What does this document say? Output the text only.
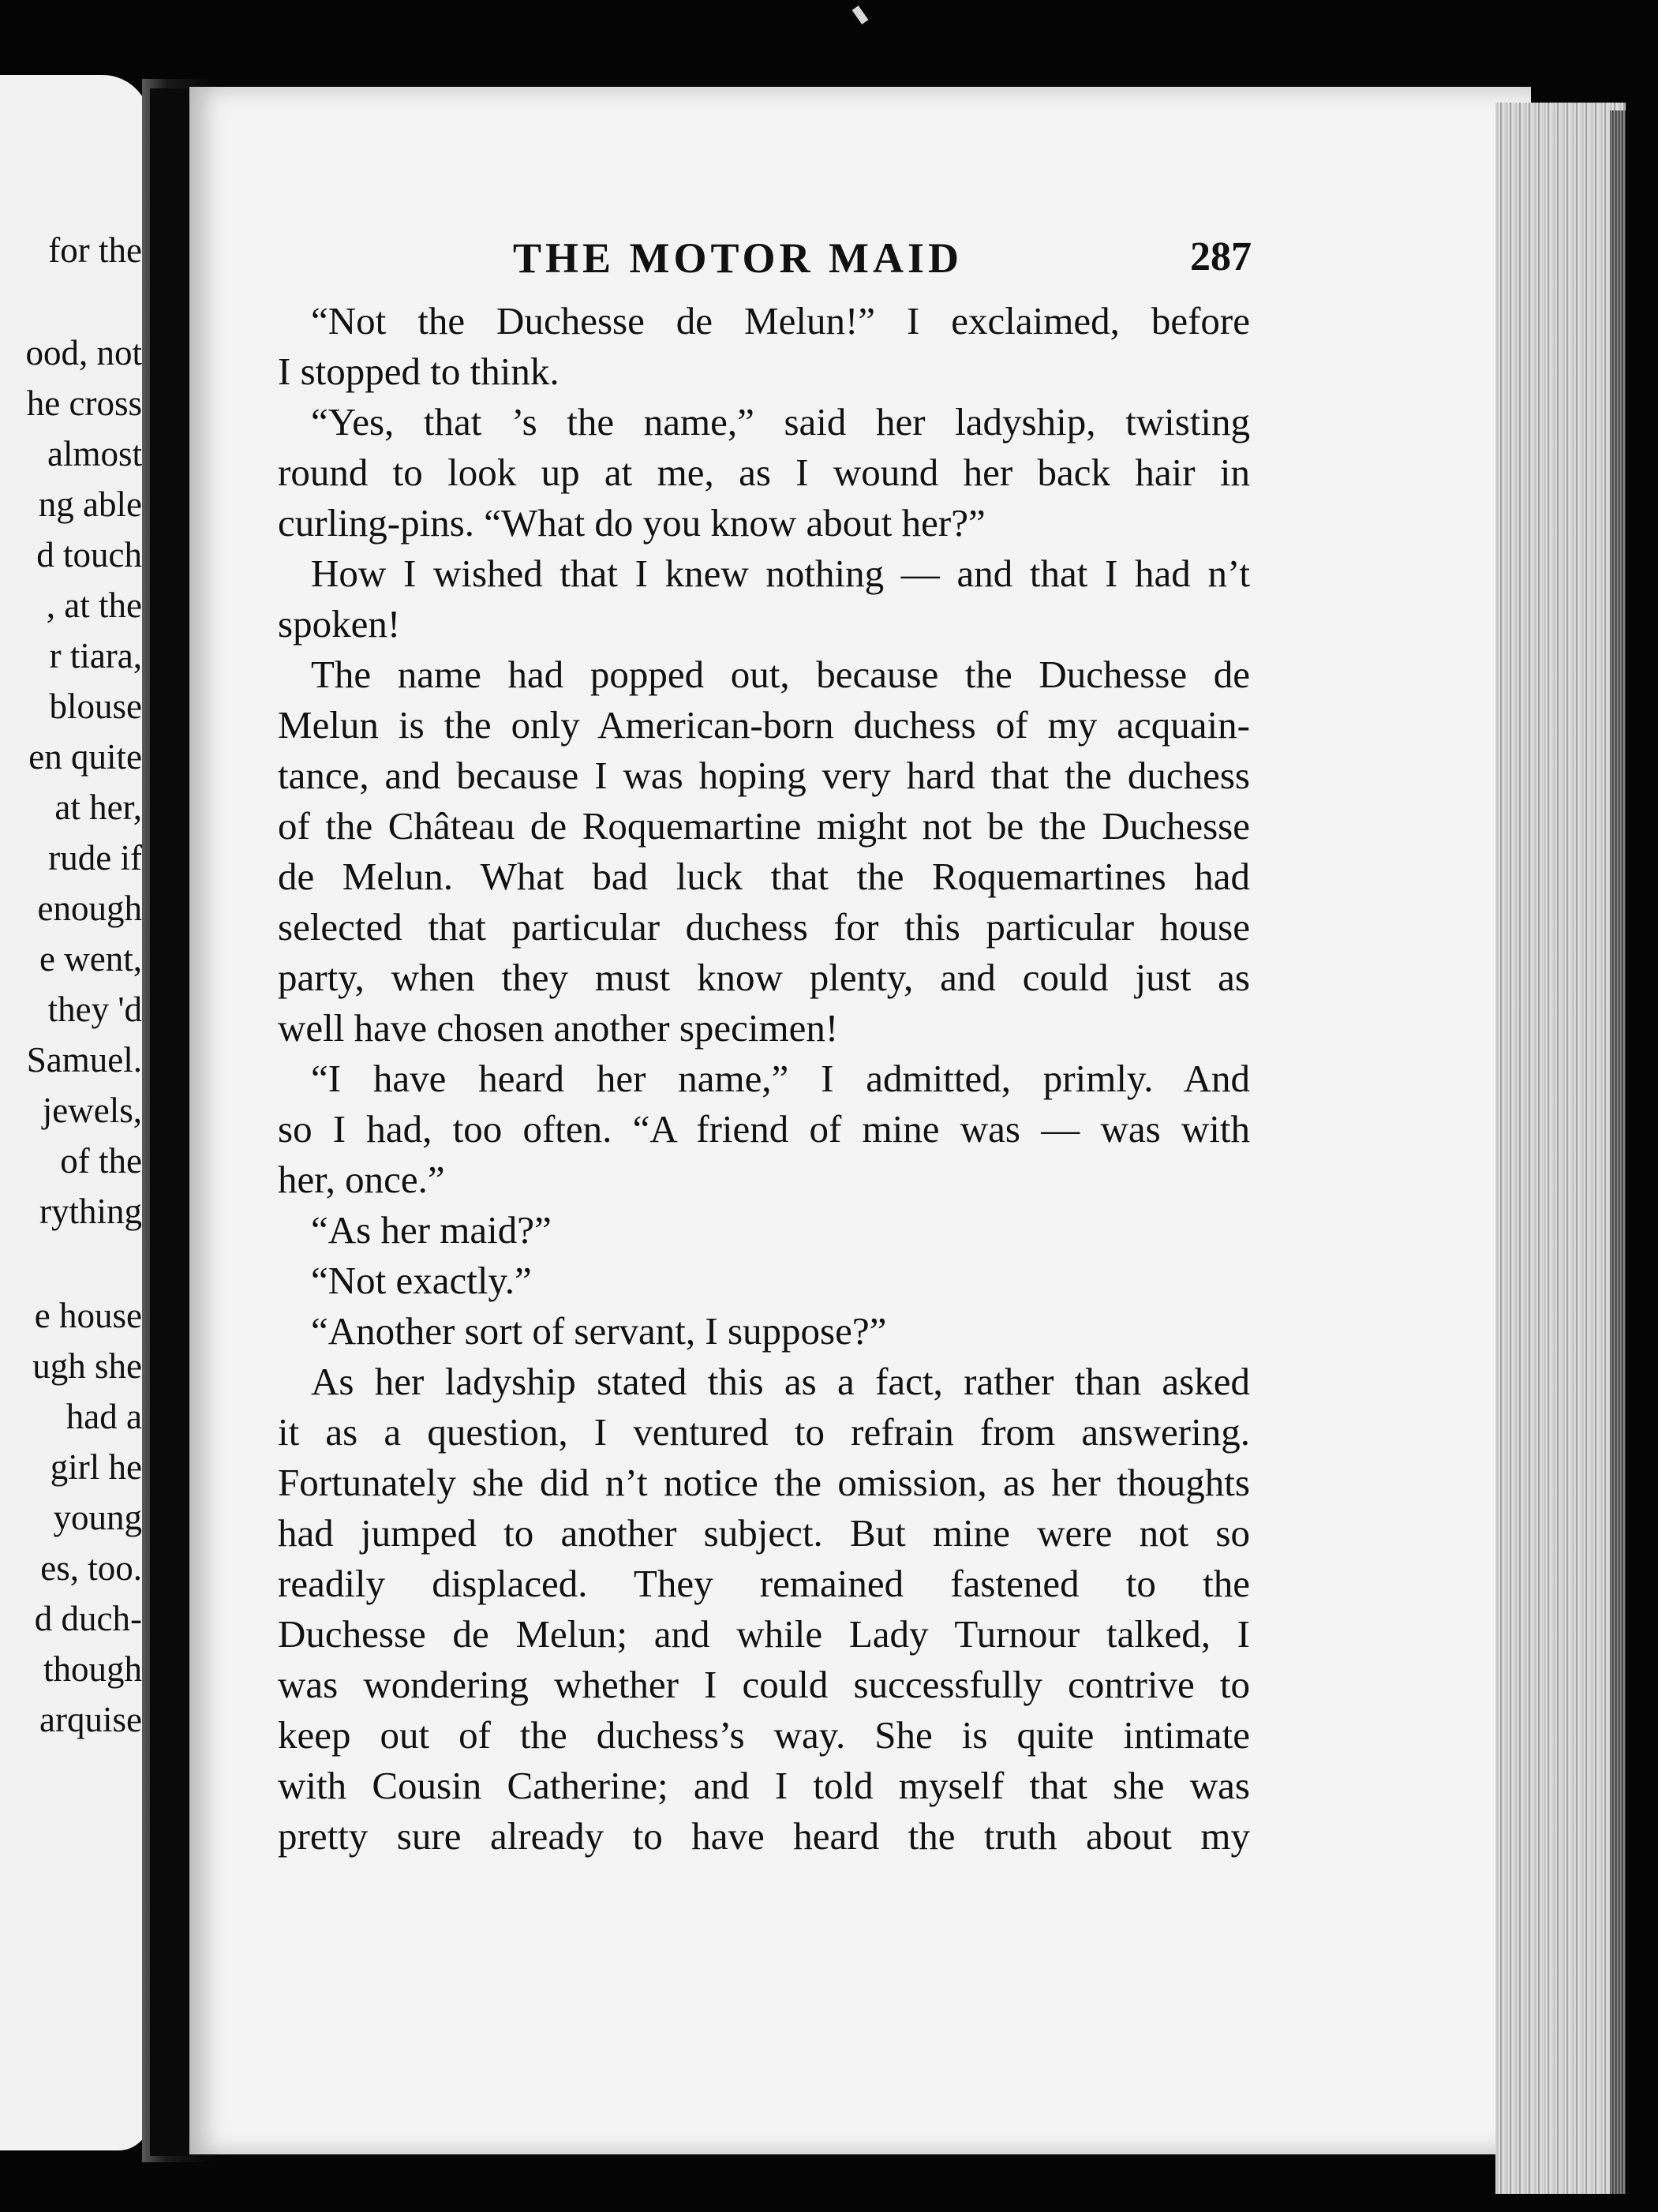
for the
ood, not
he cross
almost
ng able
d touch
, at the
r tiara,
blouse
en quite
at her,
rude if
enough
e went,
they 'd
Samuel.
jewels,
of the
rything
e house
ugh she
had a
girl he
young
es, too.
d duch-
though
arquise
THE MOTOR MAID	287
“Not the Duchesse de Melun!” I exclaimed, before
I stopped to think.
“Yes, that ’s the name,” said her ladyship, twisting
round to look up at me, as I wound her back hair in
curling-pins. “What do you know about her?”
How I wished that I knew nothing — and that I had n’t
spoken!
The name had popped out, because the Duchesse de
Melun is the only American-born duchess of my acquain-
tance, and because I was hoping very hard that the duchess
of the Château de Roquemartine might not be the Duchesse
de Melun. What bad luck that the Roquemartines had
selected that particular duchess for this particular house
party, when they must know plenty, and could just as
well have chosen another specimen!
“I have heard her name,” I admitted, primly. And
so I had, too often. “A friend of mine was — was with
her, once.”
“As her maid?”
“Not exactly.”
“Another sort of servant, I suppose?”
As her ladyship stated this as a fact, rather than asked
it as a question, I ventured to refrain from answering.
Fortunately she did n’t notice the omission, as her thoughts
had jumped to another subject. But mine were not so
readily displaced. They remained fastened to the
Duchesse de Melun; and while Lady Turnour talked, I
was wondering whether I could successfully contrive to
keep out of the duchess’s way. She is quite intimate
with Cousin Catherine; and I told myself that she was
pretty sure already to have heard the truth about my
